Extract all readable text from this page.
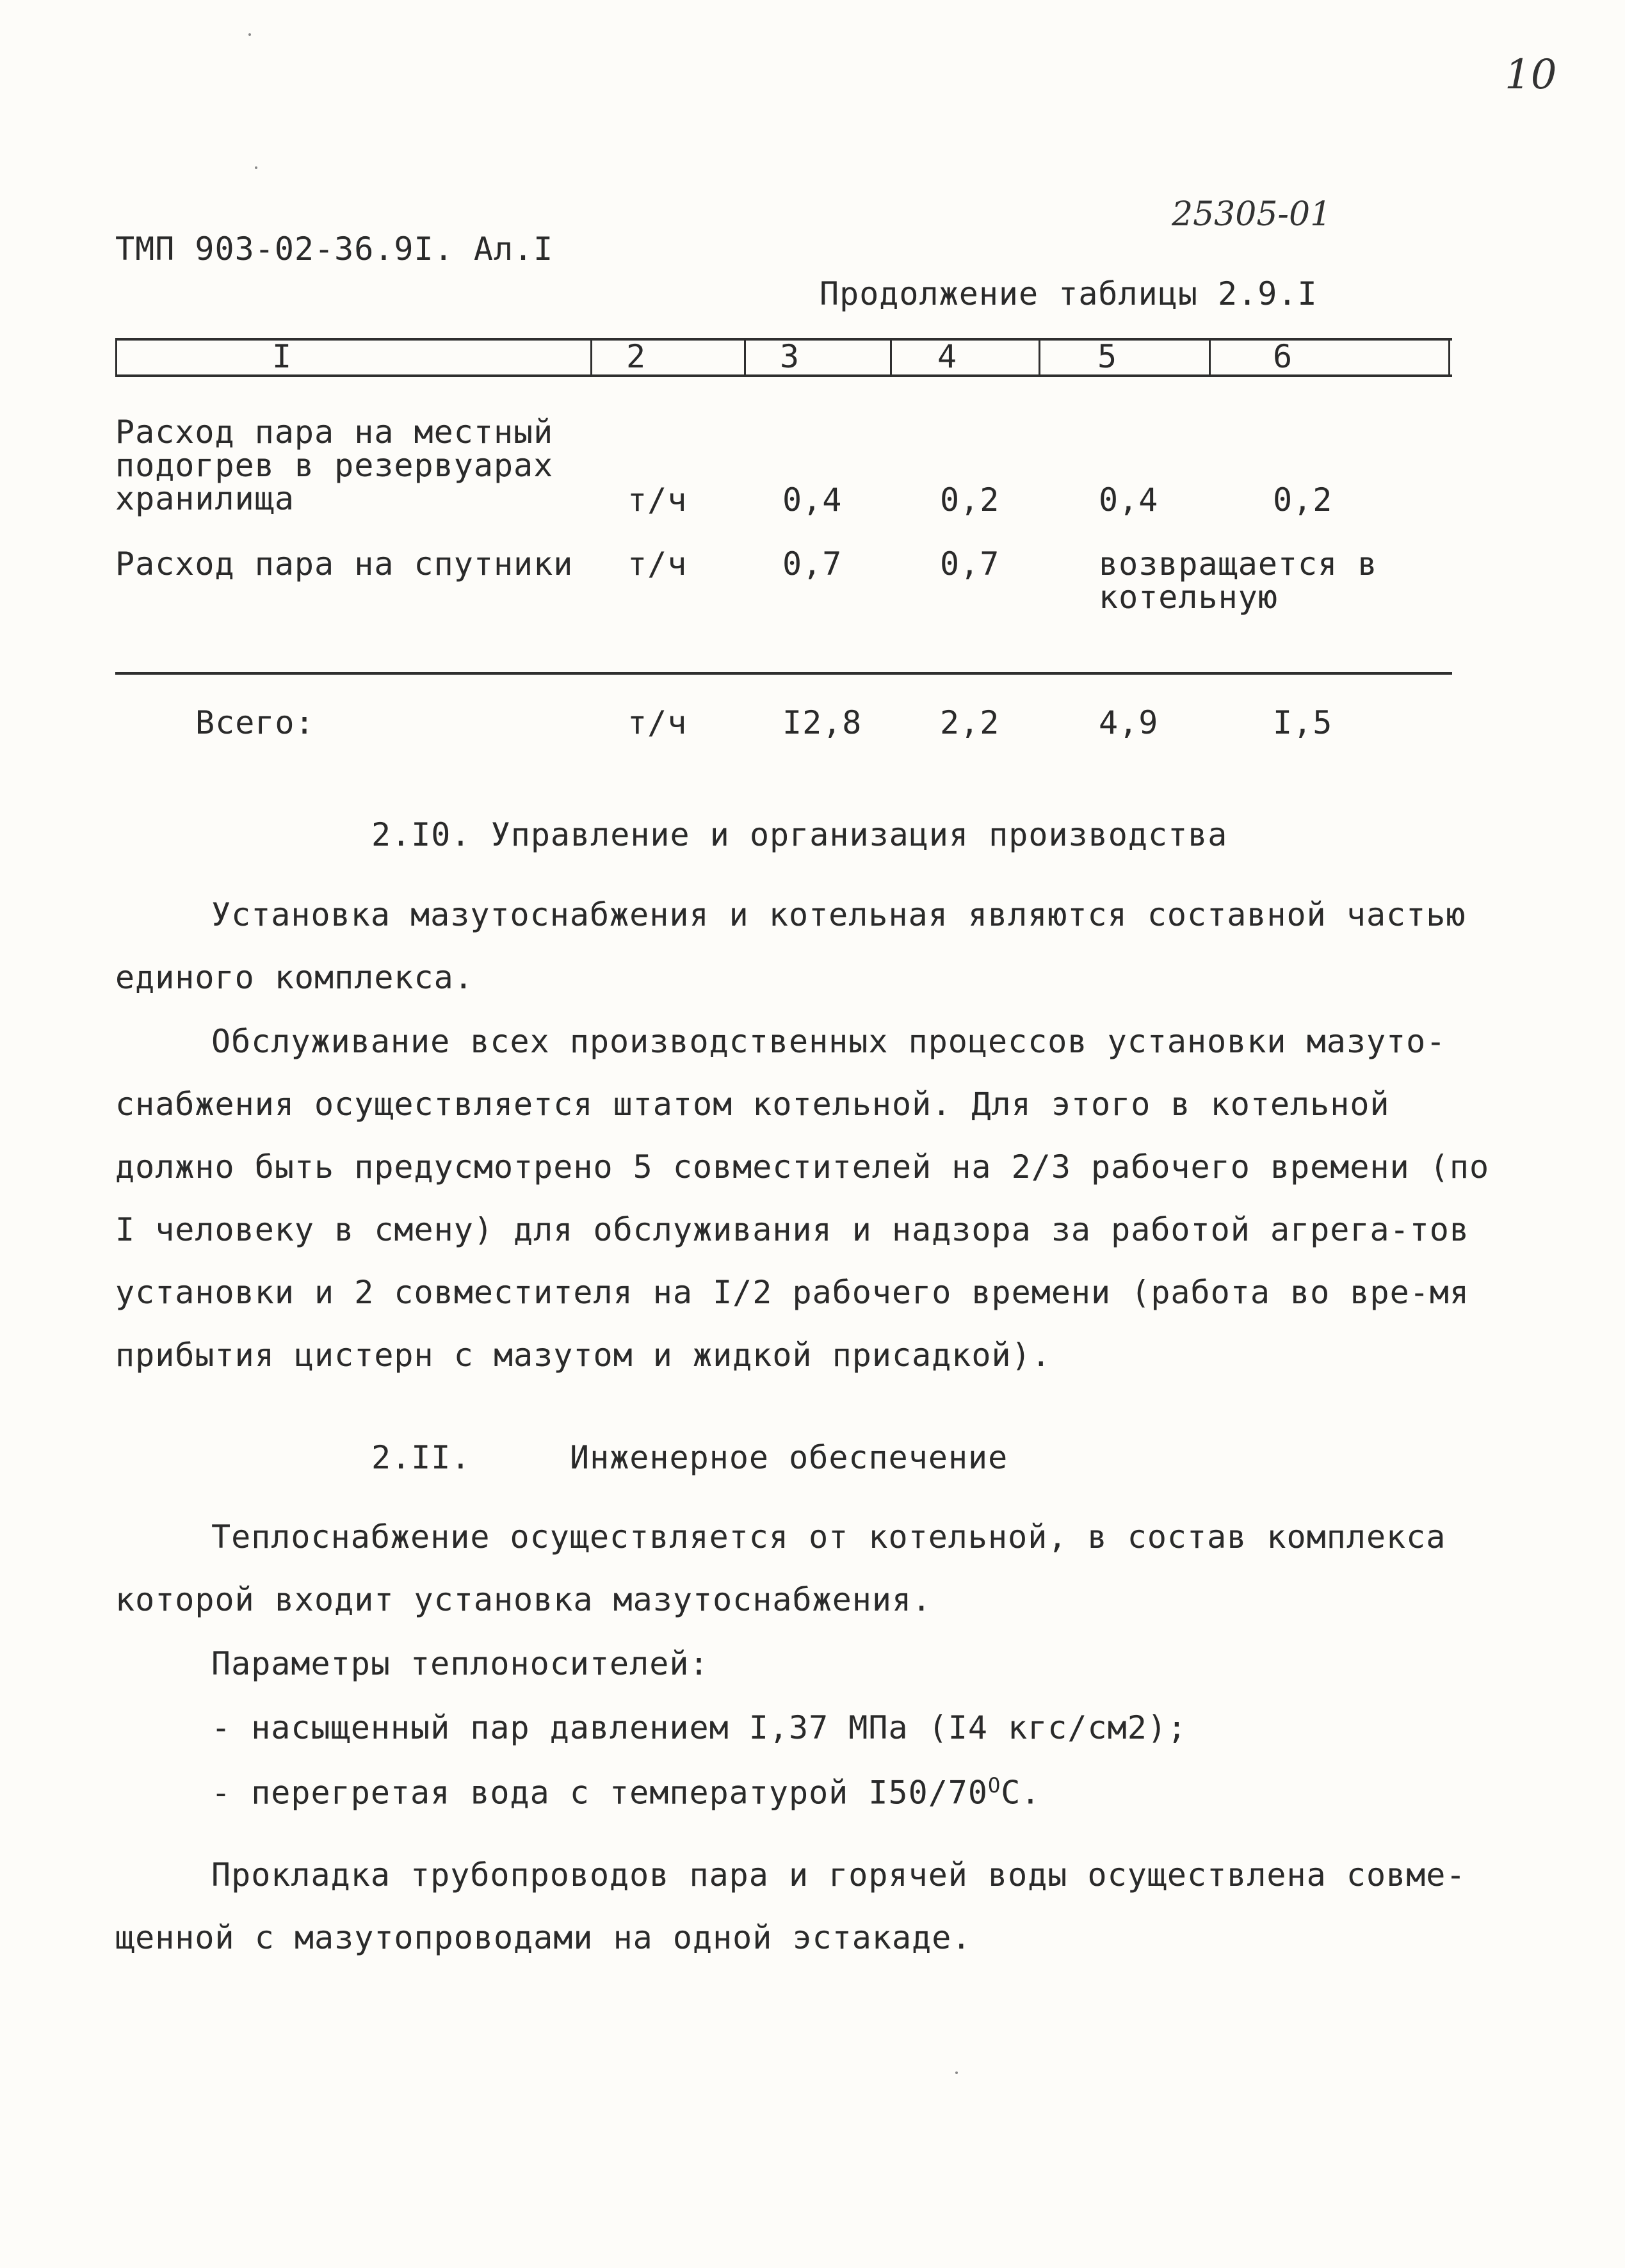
10
25305-01
ТМП 903-02-36.9I. Ал.I
Продолжение таблицы 2.9.I
I	2	3	4	5	6
Расход пара на местный
подогрев в резервуарах
хранилища	т/ч	0,4	0,2	0,4	0,2
Расход пара на спутники т/ч	0,7	0,7	возвращается в
котельную
Всего:	т/ч	I2,8 2,2	4,9	I,5
2.I0. Управление и организация производства

Установка мазутоснабжения и котельная являются составной частью единого комплекса.

Обслуживание всех производственных процессов установки мазуто-снабжения осуществляется штатом котельной. Для этого в котельной должно быть предусмотрено 5 совместителей на 2/3 рабочего времени (по I человеку в смену) для обслуживания и надзора за работой агрега-тов установки и 2 совместителя на I/2 рабочего времени (работа во вре-мя прибытия цистерн с мазутом и жидкой присадкой).

2.II.	Инженерное обеспечение

Теплоснабжение осуществляется от котельной, в состав комплекса которой входит установка мазутоснабжения.

Параметры теплоносителей:
- насыщенный пар давлением I,37 МПа (I4 кгс/см2);
- перегретая вода с температурой $I50/70^ОС$.

Прокладка трубопроводов пара и горячей воды осуществлена совме-щенной с мазутопроводами на одной эстакаде.
